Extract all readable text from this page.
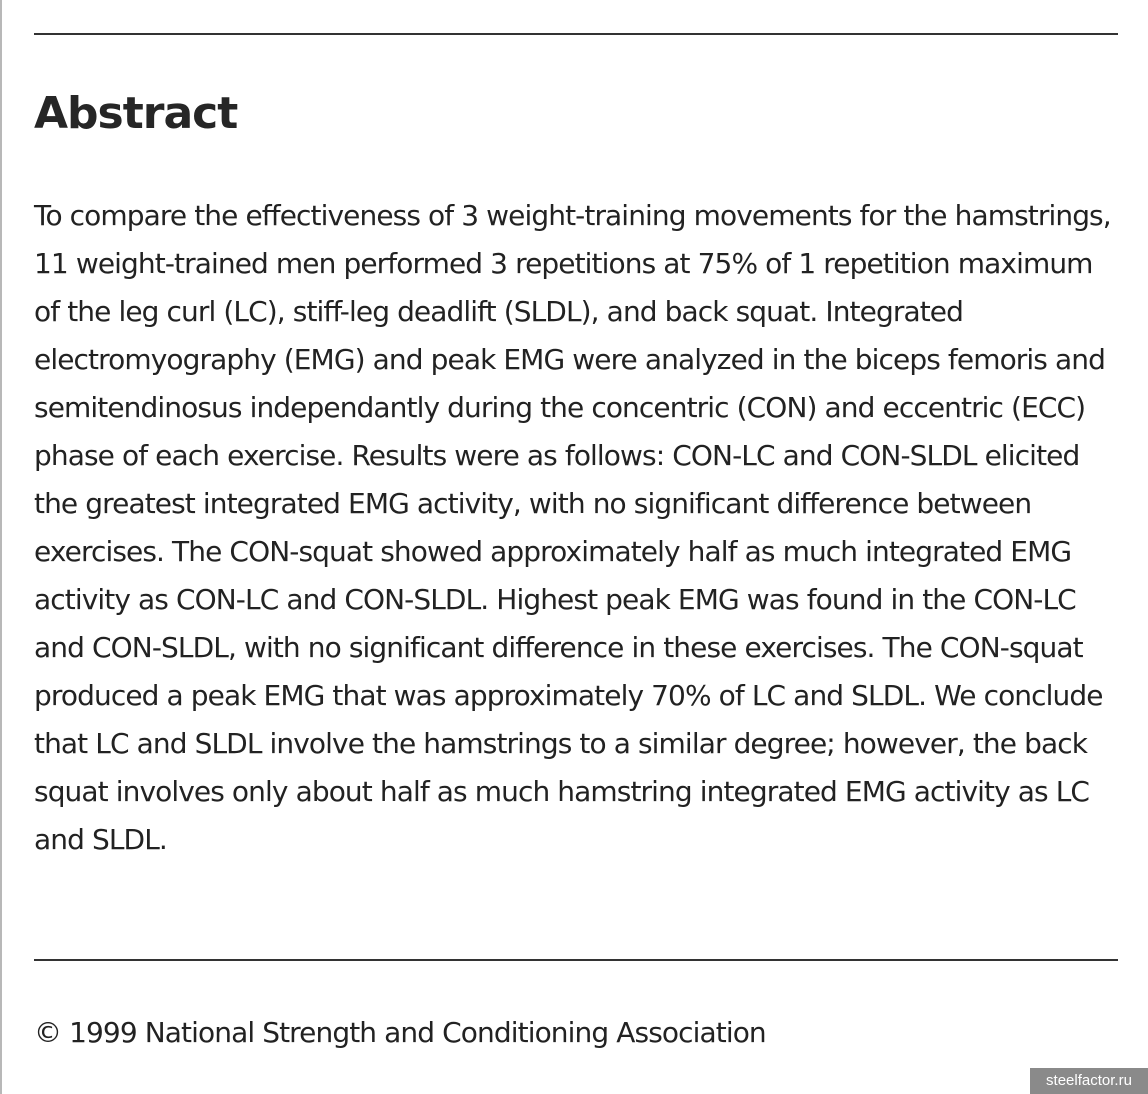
Abstract

To compare the effectiveness of 3 weight-training movements for the hamstrings, 11 weight-trained men performed 3 repetitions at 75% of 1 repetition maximum of the leg curl (LC), stiff-leg deadlift (SLDL), and back squat. Integrated electromyography (EMG) and peak EMG were analyzed in the biceps femoris and semitendinosus independantly during the concentric (CON) and eccentric (ECC) phase of each exercise. Results were as follows: CON-LC and CON-SLDL elicited the greatest integrated EMG activity, with no significant difference between exercises. The CON-squat showed approximately half as much integrated EMG activity as CON-LC and CON-SLDL. Highest peak EMG was found in the CON-LC and CON-SLDL, with no significant difference in these exercises. The CON-squat produced a peak EMG that was approximately 70% of LC and SLDL. We conclude that LC and SLDL involve the hamstrings to a similar degree; however, the back squat involves only about half as much hamstring integrated EMG activity as LC and SLDL.

© 1999 National Strength and Conditioning Association

steelfactor.ru
